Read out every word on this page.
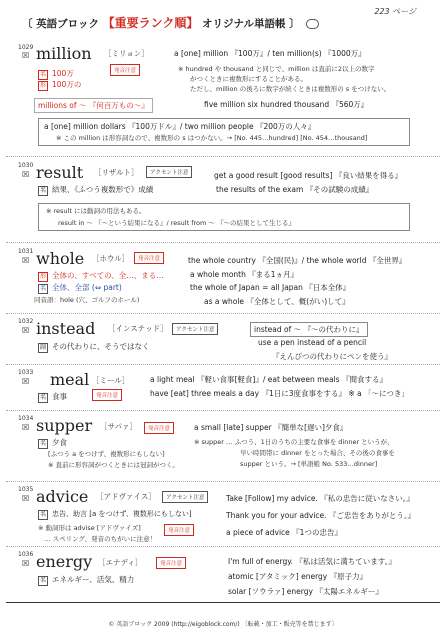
〔 英語ブロック 【重要ランク順】 オリジナル単語帳 〕
223 ページ
1029
☒ million ［ミリョン］
発音注意
名 100万
形 100万の
millions of ～ 『何百万もの～』
a [one] million 『100万』/ ten million(s) 『1000万』
※ hundred や thousand と同じで、million は直前に2以上の数字
がつくときに複数形にすることがある。
ただし、million の後ろに数字が続くときは複数形の s をつけない。
five million six hundred thousand 『560万』
a [one] million dollars 『100万ドル』/ two million people 『200万の人々』
※ この million は形容詞なので、複数形の s はつかない。→ [No. 445…hundred] [No. 454…thousand]
1030
☒ result ［リザルト］	アクセント注意
名 結果、《ふつう複数形で》成績
get a good result [good results] 『良い結果を得る』
the results of the exam 『その試験の成績』
※ result には動詞の用法もある。
result in ～ 『～という結果になる』/ result from ～ 『～の結果として生じる』
1031
☒ whole ［ホウル］	発音注意
形 全体の、すべての、全…、まる…
名 全体、全部 (⇔ part)
同音語：hole (穴、ゴルフのホール)
the whole country 『全国(民)』/ the whole world 『全世界』
a whole month 『まる1ヵ月』
the whole of Japan = all Japan 『日本全体』
as a whole 『全体として、概(がい)して』
1032
☒ instead ［インステッド］	アクセント注意
副 その代わりに、そうではなく
instead of ～ 『～の代わりに』
use a pen instead of a pencil
『えんぴつの代わりにペンを使う』
1033
☒ meal ［ミール］
発音注意
名 食事
a light meal 『軽い食事[軽食]』/ eat between meals 『間食する』
have [eat] three meals a day 『1日に3度食事をする』 ※ a 「～につき」
1034
☒ supper ［サパァ］	発音注意
名 夕食
[ふつう a をつけず、複数形にもしない]
※ 直前に形容詞がつくときには冠詞がつく。
a small [late] supper 『簡単な[遅い]夕食』
※ supper … ふつう、1日のうちの主要な食事を dinner というが、
早い時間帯に dinner をとった場合、その後の食事を
supper という。→ [単語帳 No. 533…dinner]
1035
☒ advice ［アドヴァイス］	アクセント注意
発音注意
名 忠告、助言 [a をつけず、複数形にもしない]
※ 動詞形は advise [アドヴァイズ]
… スペリング、発音のちがいに注意！
Take [Follow] my advice. 『私の忠告に従いなさい。』
Thank you for your advice. 『ご忠告をありがとう。』
a piece of advice 『1つの忠告』
1036
☒ energy ［エナディ］	発音注意
名 エネルギー、活気、精力
I'm full of energy. 『私は活気に満ちています。』
atomic [アタミック] energy 『原子力』
solar [ソウラァ] energy 『太陽エネルギー』
© 英語ブロック 2009 (http://eigoblock.com/) 〔転載・加工・販売等を禁じます〕
